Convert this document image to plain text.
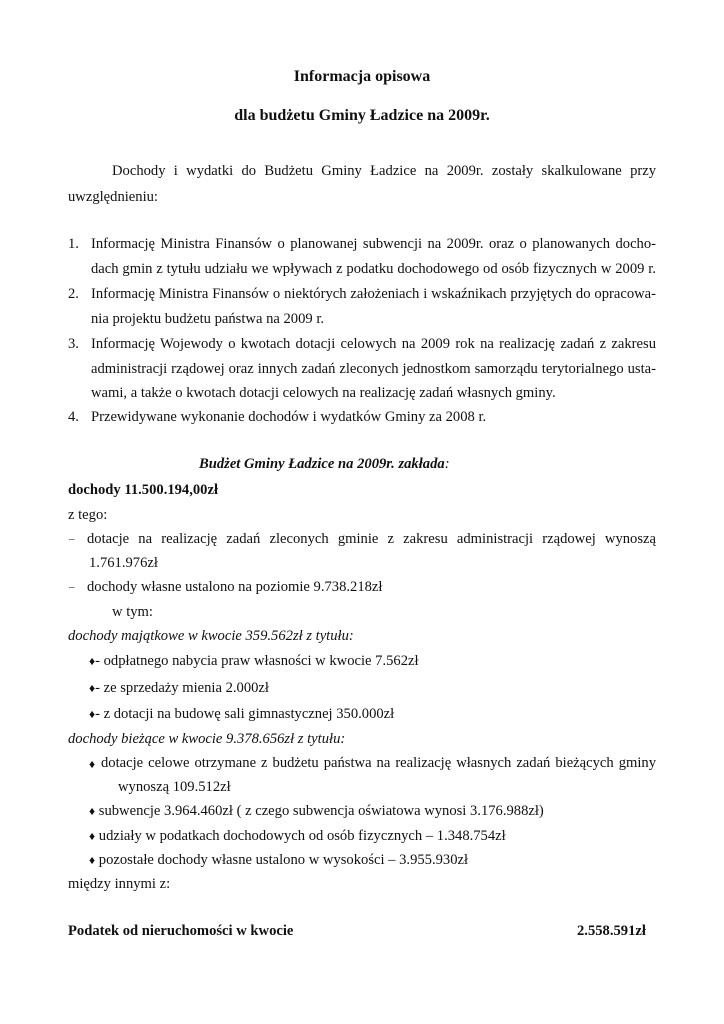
Informacja opisowa
dla budżetu Gminy Ładzice na 2009r.
Dochody i wydatki do Budżetu Gminy Ładzice na 2009r. zostały skalkulowane przy
uwzględnieniu:
1. Informację Ministra Finansów o planowanej subwencji na 2009r. oraz o planowanych docho-
dach gmin z tytułu udziału we wpływach z podatku dochodowego od osób fizycznych w 2009 r.
2. Informację Ministra Finansów o niektórych założeniach i wskaźnikach przyjętych do opracowa-
nia projektu budżetu państwa na 2009 r.
3. Informację Wojewody o kwotach dotacji celowych na 2009 rok na realizację zadań z zakresu
administracji rządowej oraz innych zadań zleconych jednostkom samorządu terytorialnego usta-
wami, a także o kwotach dotacji celowych na realizację zadań własnych gminy.
4. Przewidywane wykonanie dochodów i wydatków Gminy za 2008 r.
Budżet Gminy Ładzice na 2009r. zakłada:
dochody 11.500.194,00zł
z tego:
– dotacje na realizację zadań zleconych gminie z zakresu administracji rządowej wynoszą
1.761.976zł
– dochody własne ustalono na poziomie 9.738.218zł
w tym:
dochody majątkowe w kwocie 359.562zł z tytułu:
♦- odpłatnego nabycia praw własności w kwocie 7.562zł
♦- ze sprzedaży mienia 2.000zł
♦- z dotacji na budowę sali gimnastycznej 350.000zł
dochody bieżące w kwocie 9.378.656zł z tytułu:
♦ dotacje celowe otrzymane z budżetu państwa na realizację własnych zadań bieżących gminy
wynoszą 109.512zł
♦ subwencje 3.964.460zł ( z czego subwencja oświatowa wynosi 3.176.988zł)
♦ udziały w podatkach dochodowych od osób fizycznych – 1.348.754zł
♦ pozostałe dochody własne ustalono w wysokości – 3.955.930zł
między innymi z:
Podatek od nieruchomości w kwocie	2.558.591zł
